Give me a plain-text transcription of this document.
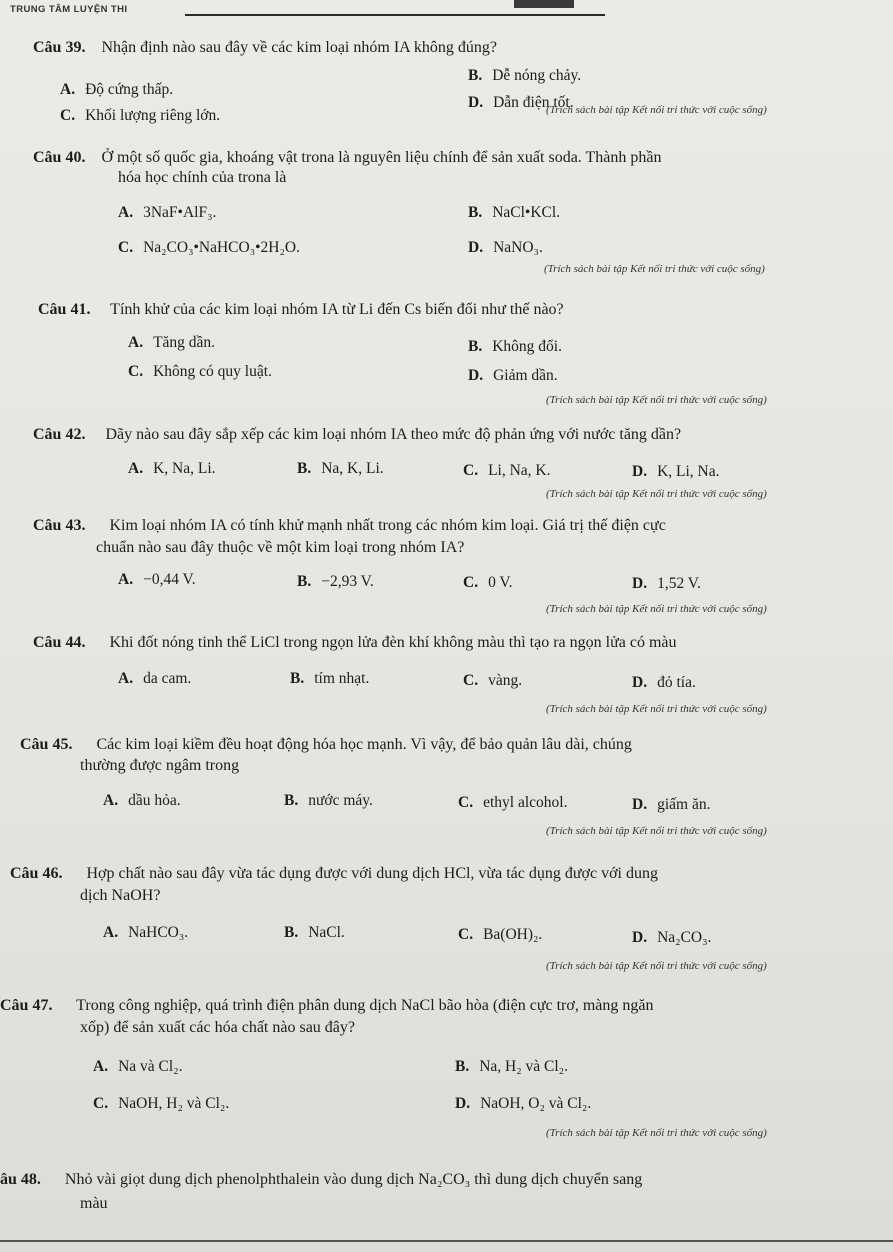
TRUNG TÂM LUYỆN THI
Câu 39. Nhận định nào sau đây về các kim loại nhóm IA không đúng?
A. Độ cứng thấp.
B. Dễ nóng chảy.
C. Khối lượng riêng lớn.
D. Dẫn điện tốt.
(Trích sách bài tập Kết nối tri thức với cuộc sống)
Câu 40. Ở một số quốc gia, khoáng vật trona là nguyên liệu chính để sản xuất soda. Thành phần
hóa học chính của trona là
A. 3NaF•AlF₃.	B. NaCl•KCl.
C. Na₂CO₃•NaHCO₃•2H₂O.	D. NaNO₃.
(Trích sách bài tập Kết nối tri thức với cuộc sống)
Câu 41. Tính khử của các kim loại nhóm IA từ Li đến Cs biến đổi như thế nào?
A. Tăng dần.	B. Không đổi.
C. Không có quy luật.	D. Giảm dần.
(Trích sách bài tập Kết nối tri thức với cuộc sống)
Câu 42. Dãy nào sau đây sắp xếp các kim loại nhóm IA theo mức độ phản ứng với nước tăng dần?
A. K, Na, Li.	B. Na, K, Li.	C. Li, Na, K.	D. K, Li, Na.
(Trích sách bài tập Kết nối tri thức với cuộc sống)
Câu 43. Kim loại nhóm IA có tính khử mạnh nhất trong các nhóm kim loại. Giá trị thế điện cực
chuẩn nào sau đây thuộc về một kim loại trong nhóm IA?
A. −0,44 V.	B. −2,93 V.	C. 0 V.	D. 1,52 V.
(Trích sách bài tập Kết nối tri thức với cuộc sống)
Câu 44. Khi đốt nóng tinh thể LiCl trong ngọn lửa đèn khí không màu thì tạo ra ngọn lửa có màu
A. da cam.	B. tím nhạt.	C. vàng.	D. đỏ tía.
(Trích sách bài tập Kết nối tri thức với cuộc sống)
Câu 45. Các kim loại kiềm đều hoạt động hóa học mạnh. Vì vậy, để bảo quản lâu dài, chúng
thường được ngâm trong
A. dầu hỏa.	B. nước máy.	C. ethyl alcohol.	D. giấm ăn.
(Trích sách bài tập Kết nối tri thức với cuộc sống)
Câu 46. Hợp chất nào sau đây vừa tác dụng được với dung dịch HCl, vừa tác dụng được với dung
dịch NaOH?
A. NaHCO₃.	B. NaCl.	C. Ba(OH)₂.	D. Na₂CO₃.
(Trích sách bài tập Kết nối tri thức với cuộc sống)
Câu 47. Trong công nghiệp, quá trình điện phân dung dịch NaCl bão hòa (điện cực trơ, màng ngăn
xốp) để sản xuất các hóa chất nào sau đây?
A. Na và Cl₂.	B. Na, H₂ và Cl₂.
C. NaOH, H₂ và Cl₂.	D. NaOH, O₂ và Cl₂.
(Trích sách bài tập Kết nối tri thức với cuộc sống)
âu 48. Nhỏ vài giọt dung dịch phenolphthalein vào dung dịch Na₂CO₃ thì dung dịch chuyển sang
màu
